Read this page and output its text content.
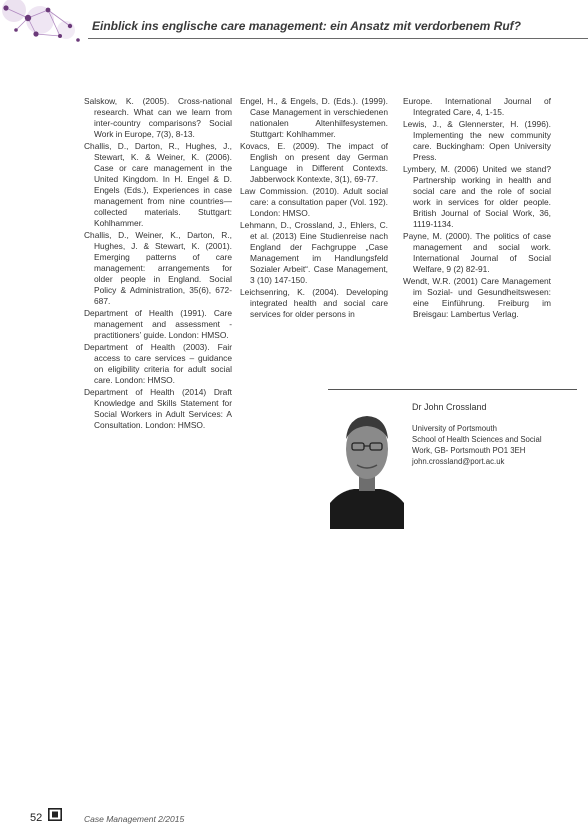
Einblick ins englische care management: ein Ansatz mit verdorbenem Ruf?

Salskow, K. (2005). Cross-national research. What can we learn from inter-country comparisons? Social Work in Europe, 7(3), 8-13.

Challis, D., Darton, R., Hughes, J., Stewart, K. & Weiner, K. (2006). Case or care management in the United Kingdom. In H. Engel & D. Engels (Eds.), Experiences in case management from nine countries—collected materials. Stuttgart: Kohlhammer.

Challis, D., Weiner, K., Darton, R., Hughes, J. & Stewart, K. (2001). Emerging patterns of care management: arrangements for older people in England. Social Policy & Administration, 35(6), 672-687.

Department of Health (1991). Care management and assessment - practitioners’ guide. London: HMSO.

Department of Health (2003). Fair access to care services – guidance on eligibility criteria for adult social care. London: HMSO.

Department of Health (2014) Draft Knowledge and Skills Statement for Social Workers in Adult Services: A Consultation. London: HMSO.

Engel, H., & Engels, D. (Eds.). (1999). Case Management in verschiedenen nationalen Altenhilfesystemen. Stuttgart: Kohlhammer.

Kovacs, E. (2009). The impact of English on present day German Language in Different Contexts. Jabberwock Kontexte, 3(1), 69-77.

Law Commission. (2010). Adult social care: a consultation paper (Vol. 192). London: HMSO.

Lehmann, D., Crossland, J., Ehlers, C. et al. (2013) Eine Studienreise nach England der Fachgruppe „Case Management im Handlungsfeld Sozialer Arbeit“. Case Management, 3 (10) 147-150.

Leichsenring, K. (2004). Developing integrated health and social care services for older persons in

Europe. International Journal of Integrated Care, 4, 1-15.

Lewis, J., & Glennerster, H. (1996). Implementing the new community care. Buckingham: Open University Press.

Lymbery, M. (2006) United we stand? Partnership working in health and social care and the role of social work in services for older people. British Journal of Social Work, 36, 1119-1134.

Payne, M. (2000). The politics of case management and social work. International Journal of Social Welfare, 9 (2) 82-91.

Wendt, W.R. (2001) Care Management im Sozial- und Gesundheitswesen: eine Einführung. Freiburg im Breisgau: Lambertus Verlag.

Dr John Crossland
University of Portsmouth
School of Health Sciences and Social
Work, GB- Portsmouth PO1 3EH
john.crossland@port.ac.uk
52	Case Management 2/2015
